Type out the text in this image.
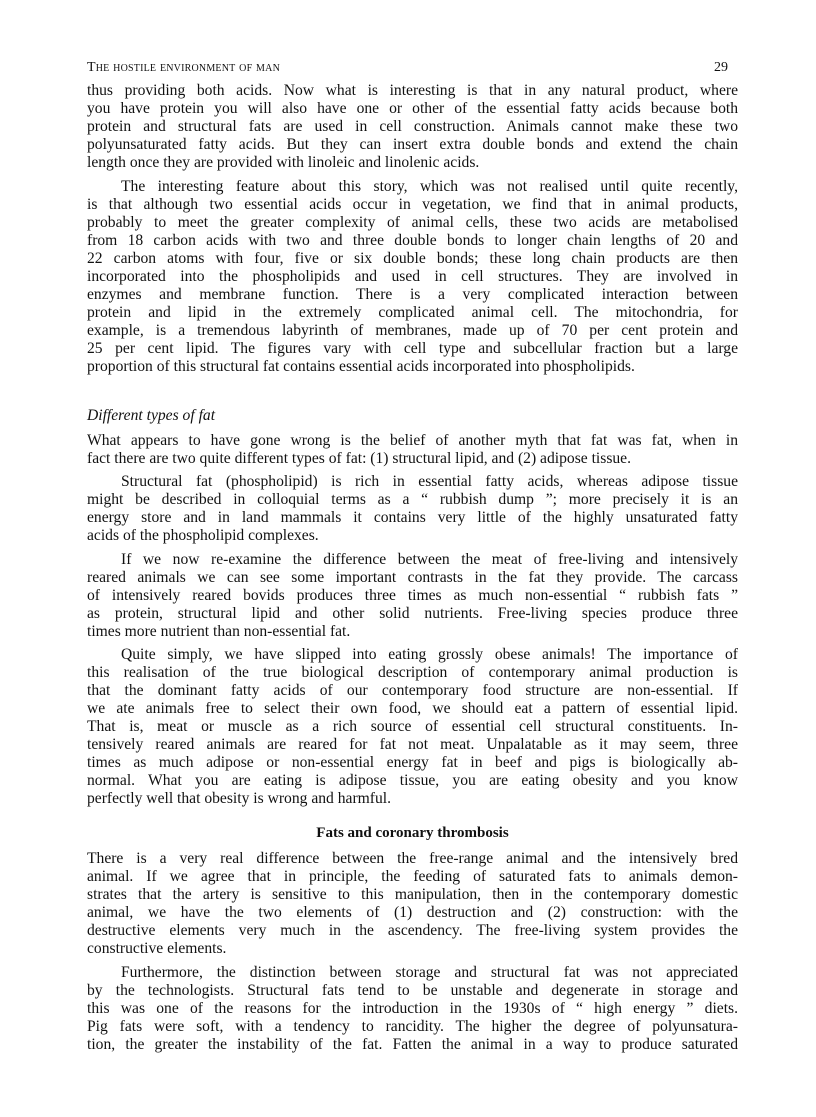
The hostile environment of man	29
thus providing both acids. Now what is interesting is that in any natural product, where
you have protein you will also have one or other of the essential fatty acids because both
protein and structural fats are used in cell construction. Animals cannot make these two
polyunsaturated fatty acids. But they can insert extra double bonds and extend the chain
length once they are provided with linoleic and linolenic acids.
The interesting feature about this story, which was not realised until quite recently,
is that although two essential acids occur in vegetation, we find that in animal products,
probably to meet the greater complexity of animal cells, these two acids are metabolised
from 18 carbon acids with two and three double bonds to longer chain lengths of 20 and
22 carbon atoms with four, five or six double bonds; these long chain products are then
incorporated into the phospholipids and used in cell structures. They are involved in
enzymes and membrane function. There is a very complicated interaction between
protein and lipid in the extremely complicated animal cell. The mitochondria, for
example, is a tremendous labyrinth of membranes, made up of 70 per cent protein and
25 per cent lipid. The figures vary with cell type and subcellular fraction but a large
proportion of this structural fat contains essential acids incorporated into phospholipids.
Different types of fat
What appears to have gone wrong is the belief of another myth that fat was fat, when in
fact there are two quite different types of fat: (1) structural lipid, and (2) adipose tissue.
Structural fat (phospholipid) is rich in essential fatty acids, whereas adipose tissue
might be described in colloquial terms as a “ rubbish dump ”; more precisely it is an
energy store and in land mammals it contains very little of the highly unsaturated fatty
acids of the phospholipid complexes.
If we now re-examine the difference between the meat of free-living and intensively
reared animals we can see some important contrasts in the fat they provide. The carcass
of intensively reared bovids produces three times as much non-essential “ rubbish fats ”
as protein, structural lipid and other solid nutrients. Free-living species produce three
times more nutrient than non-essential fat.
Quite simply, we have slipped into eating grossly obese animals! The importance of
this realisation of the true biological description of contemporary animal production is
that the dominant fatty acids of our contemporary food structure are non-essential. If
we ate animals free to select their own food, we should eat a pattern of essential lipid.
That is, meat or muscle as a rich source of essential cell structural constituents. In-
tensively reared animals are reared for fat not meat. Unpalatable as it may seem, three
times as much adipose or non-essential energy fat in beef and pigs is biologically ab-
normal. What you are eating is adipose tissue, you are eating obesity and you know
perfectly well that obesity is wrong and harmful.
Fats and coronary thrombosis
There is a very real difference between the free-range animal and the intensively bred
animal. If we agree that in principle, the feeding of saturated fats to animals demon-
strates that the artery is sensitive to this manipulation, then in the contemporary domestic
animal, we have the two elements of (1) destruction and (2) construction: with the
destructive elements very much in the ascendency. The free-living system provides the
constructive elements.
Furthermore, the distinction between storage and structural fat was not appreciated
by the technologists. Structural fats tend to be unstable and degenerate in storage and
this was one of the reasons for the introduction in the 1930s of “ high energy ” diets.
Pig fats were soft, with a tendency to rancidity. The higher the degree of polyunsatura-
tion, the greater the instability of the fat. Fatten the animal in a way to produce saturated
